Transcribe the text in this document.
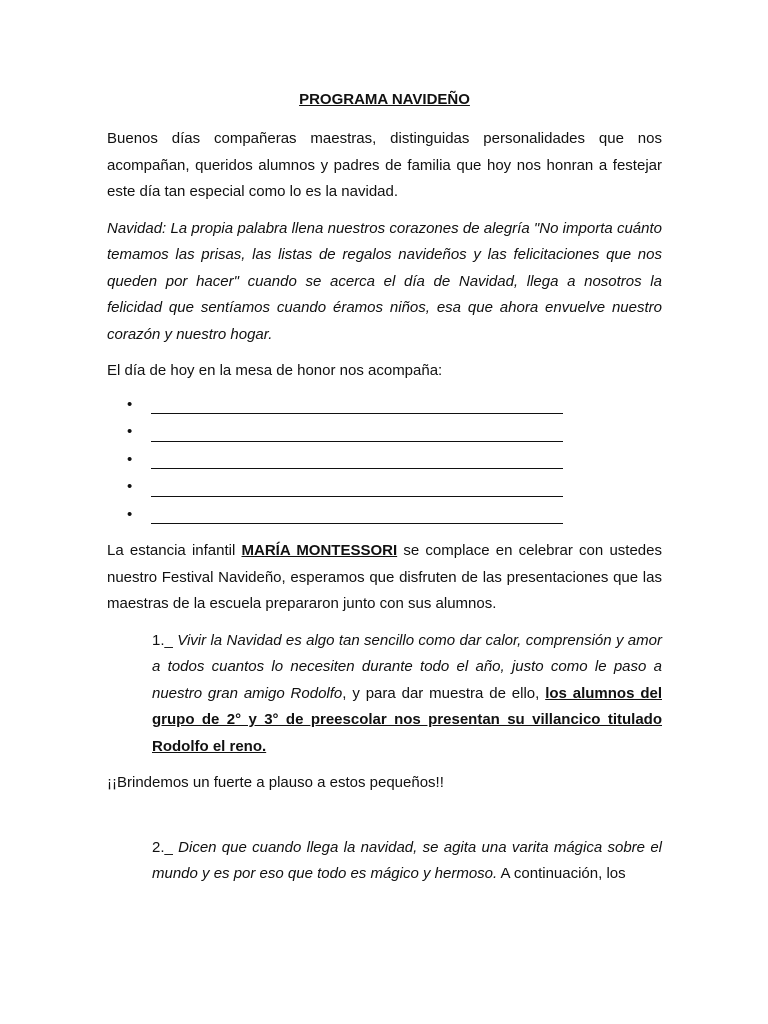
PROGRAMA NAVIDEÑO

Buenos días compañeras maestras, distinguidas personalidades que nos acompañan, queridos alumnos y padres de familia que hoy nos honran a festejar este día tan especial como lo es la navidad.

Navidad: La propia palabra llena nuestros corazones de alegría "No importa cuánto temamos las prisas, las listas de regalos navideños y las felicitaciones que nos queden por hacer" cuando se acerca el día de Navidad, llega a nosotros la felicidad que sentíamos cuando éramos niños, esa que ahora envuelve nuestro corazón y nuestro hogar.

El día de hoy en la mesa de honor nos acompaña:

•
•
•
•
•

La estancia infantil MARÍA MONTESSORI se complace en celebrar con ustedes nuestro Festival Navideño, esperamos que disfruten de las presentaciones que las maestras de la escuela prepararon junto con sus alumnos.

1._ Vivir la Navidad es algo tan sencillo como dar calor, comprensión y amor a todos cuantos lo necesiten durante todo el año, justo como le paso a nuestro gran amigo Rodolfo, y para dar muestra de ello, los alumnos del grupo de 2° y 3° de preescolar nos presentan su villancico titulado Rodolfo el reno.

¡¡Brindemos un fuerte a plauso a estos pequeños!!

2._ Dicen que cuando llega la navidad, se agita una varita mágica sobre el mundo y es por eso que todo es mágico y hermoso. A continuación, los
